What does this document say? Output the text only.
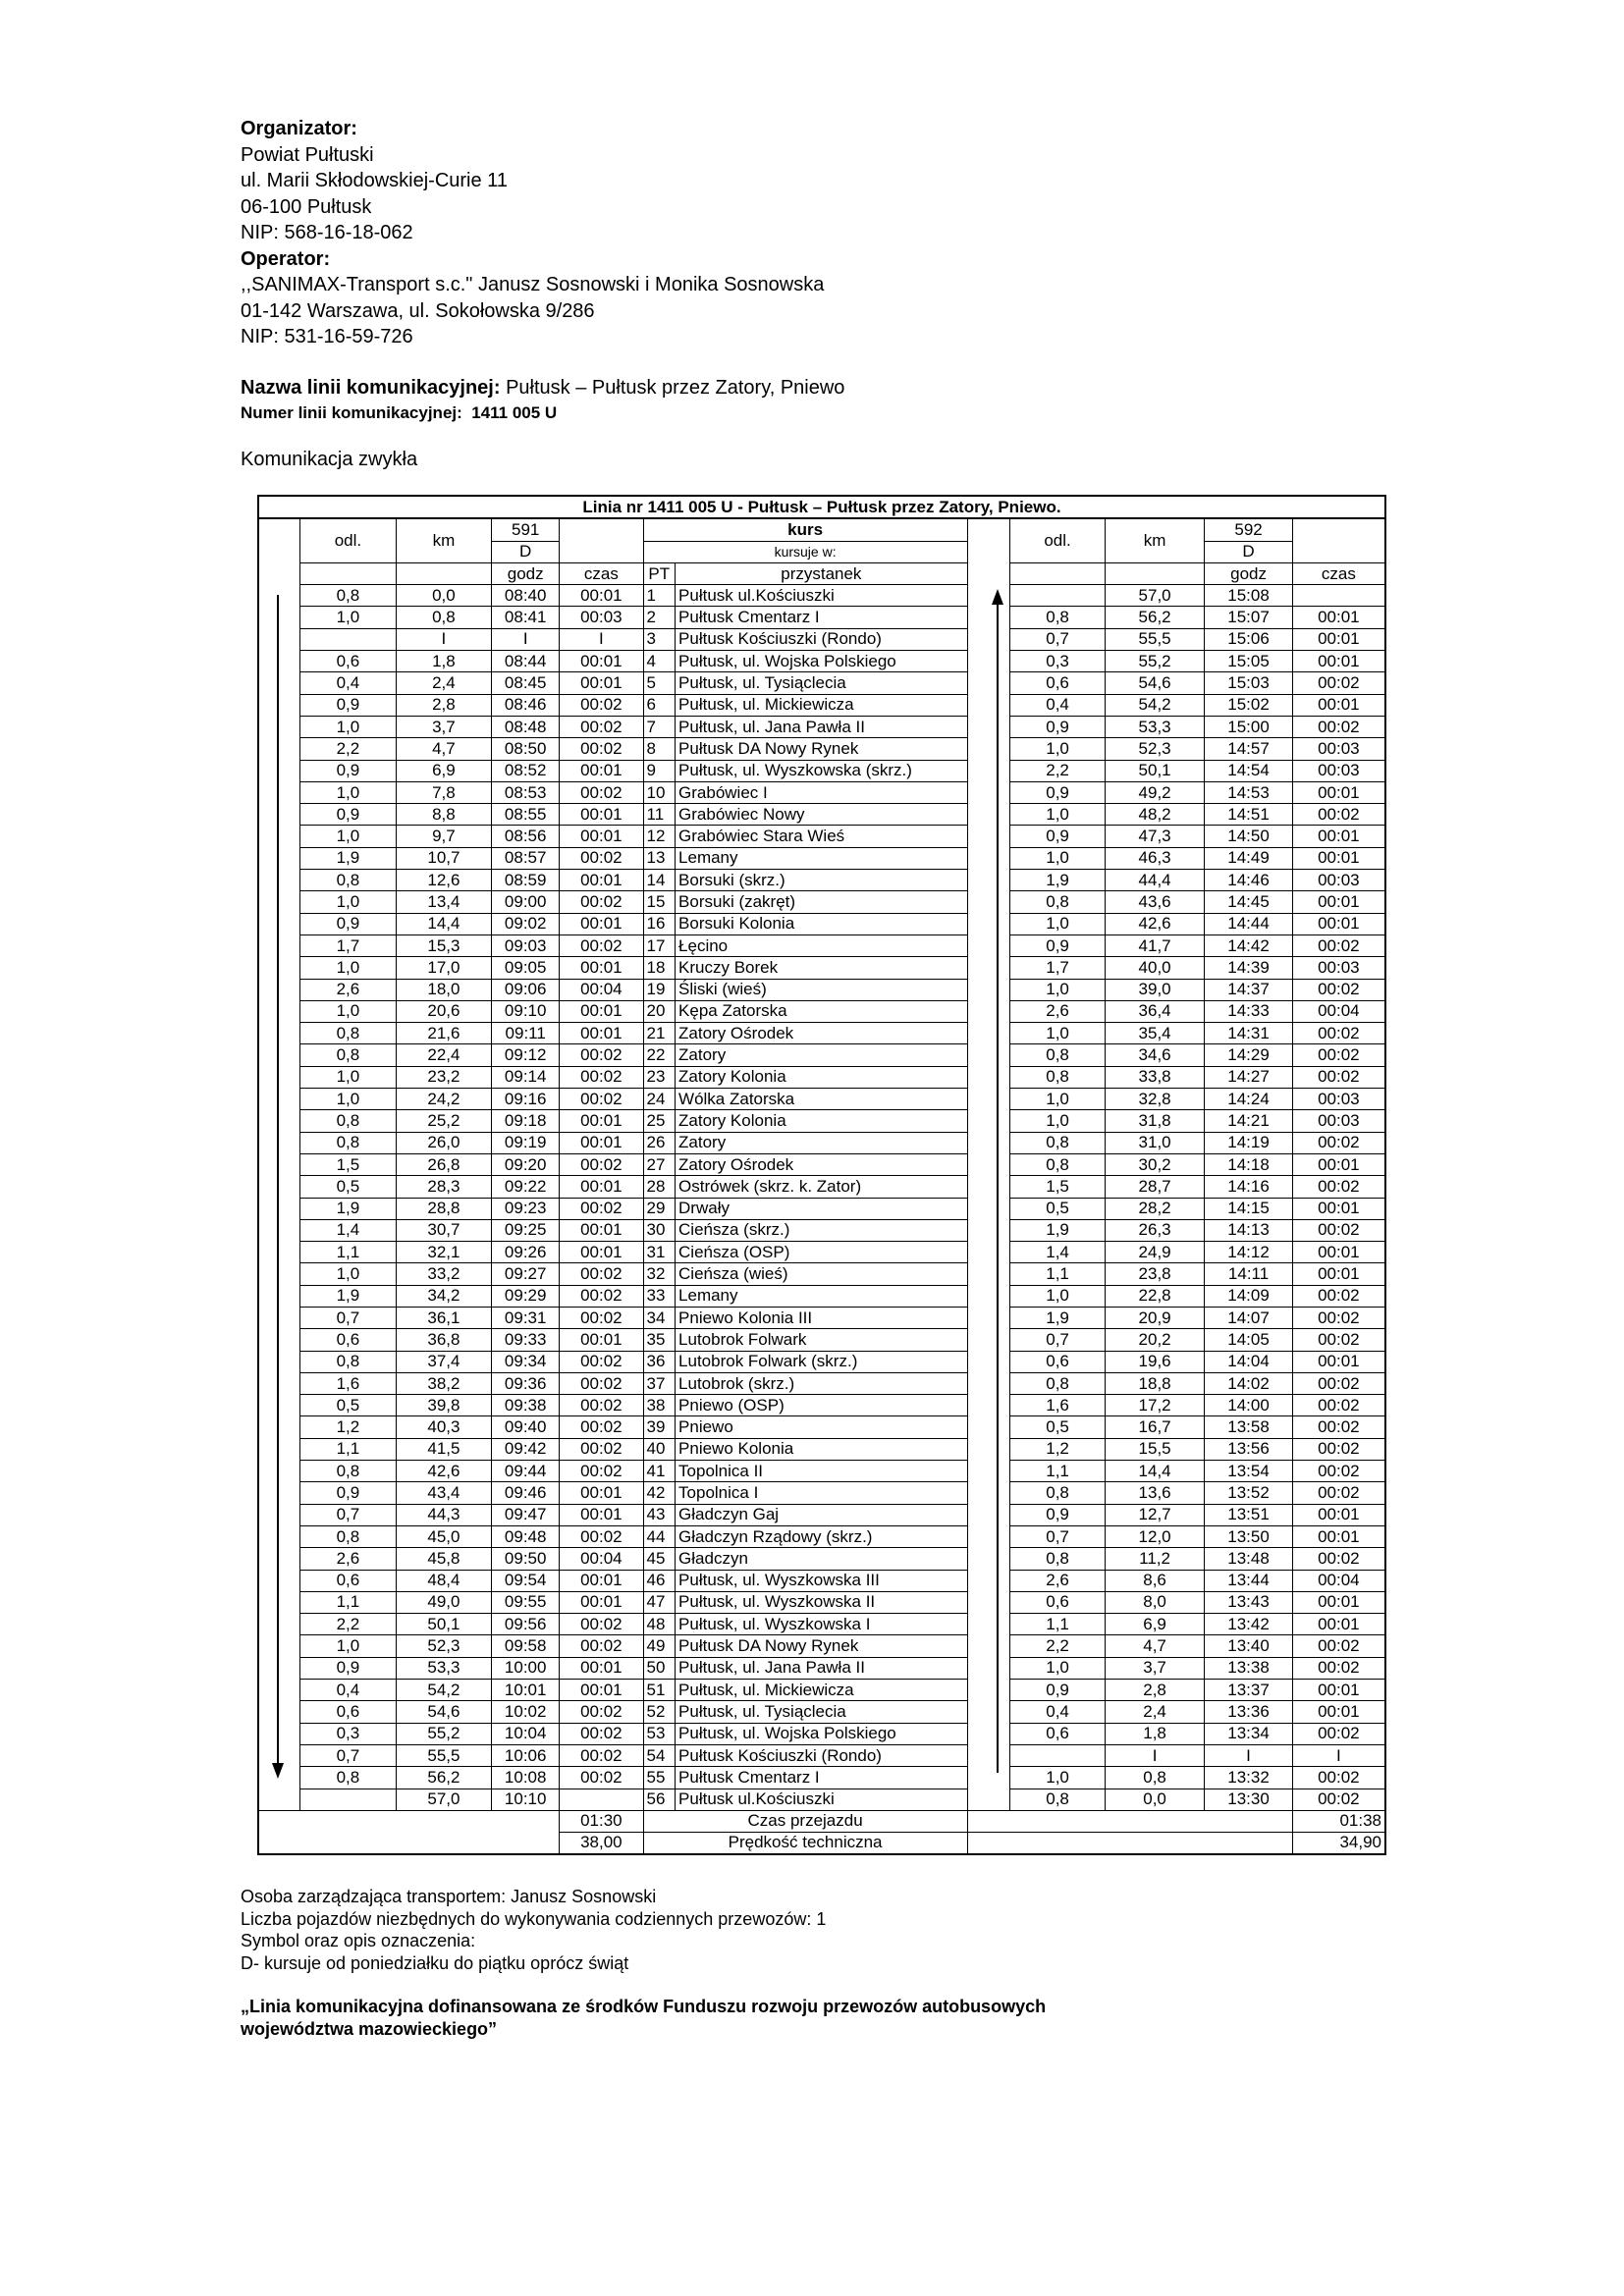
Organizator:
Powiat Pułtuski
ul. Marii Skłodowskiej-Curie 11
06-100 Pułtusk
NIP: 568-16-18-062
Operator:
,,SANIMAX-Transport s.c." Janusz Sosnowski i Monika Sosnowska
01-142 Warszawa, ul. Sokołowska 9/286
NIP: 531-16-59-726
Nazwa linii komunikacyjnej: Pułtusk – Pułtusk przez Zatory, Pniewo
Numer linii komunikacyjnej: 1411 005 U
Komunikacja zwykła
Linia nr 1411 005 U - Pułtusk – Pułtusk przez Zatory, Pniewo.											
	odl.	km	591		kurs			odl.	km	592	
			D		kursuje w:					D	
			godz	czas	PT	przystanek				godz	czas
	0,8	0,0	08:40	00:01	1	Pułtusk ul.Kościuszki			57,0	15:08	
	1,0	0,8	08:41	00:03	2	Pułtusk Cmentarz I		0,8	56,2	15:07	00:01
		I	I	I	3	Pułtusk Kościuszki (Rondo)		0,7	55,5	15:06	00:01
	0,6	1,8	08:44	00:01	4	Pułtusk, ul. Wojska Polskiego		0,3	55,2	15:05	00:01
	0,4	2,4	08:45	00:01	5	Pułtusk, ul. Tysiąclecia		0,6	54,6	15:03	00:02
	0,9	2,8	08:46	00:02	6	Pułtusk, ul. Mickiewicza		0,4	54,2	15:02	00:01
	1,0	3,7	08:48	00:02	7	Pułtusk, ul. Jana Pawła II		0,9	53,3	15:00	00:02
	2,2	4,7	08:50	00:02	8	Pułtusk DA Nowy Rynek		1,0	52,3	14:57	00:03
	0,9	6,9	08:52	00:01	9	Pułtusk, ul. Wyszkowska (skrz.)		2,2	50,1	14:54	00:03
	1,0	7,8	08:53	00:02	10	Grabówiec I		0,9	49,2	14:53	00:01
	0,9	8,8	08:55	00:01	11	Grabówiec Nowy		1,0	48,2	14:51	00:02
	1,0	9,7	08:56	00:01	12	Grabówiec Stara Wieś		0,9	47,3	14:50	00:01
	1,9	10,7	08:57	00:02	13	Lemany		1,0	46,3	14:49	00:01
	0,8	12,6	08:59	00:01	14	Borsuki (skrz.)		1,9	44,4	14:46	00:03
	1,0	13,4	09:00	00:02	15	Borsuki (zakręt)		0,8	43,6	14:45	00:01
	0,9	14,4	09:02	00:01	16	Borsuki Kolonia		1,0	42,6	14:44	00:01
	1,7	15,3	09:03	00:02	17	Łęcino		0,9	41,7	14:42	00:02
	1,0	17,0	09:05	00:01	18	Kruczy Borek		1,7	40,0	14:39	00:03
	2,6	18,0	09:06	00:04	19	Śliski (wieś)		1,0	39,0	14:37	00:02
	1,0	20,6	09:10	00:01	20	Kępa Zatorska		2,6	36,4	14:33	00:04
	0,8	21,6	09:11	00:01	21	Zatory Ośrodek		1,0	35,4	14:31	00:02
	0,8	22,4	09:12	00:02	22	Zatory		0,8	34,6	14:29	00:02
	1,0	23,2	09:14	00:02	23	Zatory Kolonia		0,8	33,8	14:27	00:02
	1,0	24,2	09:16	00:02	24	Wólka Zatorska		1,0	32,8	14:24	00:03
	0,8	25,2	09:18	00:01	25	Zatory Kolonia		1,0	31,8	14:21	00:03
	0,8	26,0	09:19	00:01	26	Zatory		0,8	31,0	14:19	00:02
	1,5	26,8	09:20	00:02	27	Zatory Ośrodek		0,8	30,2	14:18	00:01
	0,5	28,3	09:22	00:01	28	Ostrówek (skrz. k. Zator)		1,5	28,7	14:16	00:02
	1,9	28,8	09:23	00:02	29	Drwały		0,5	28,2	14:15	00:01
	1,4	30,7	09:25	00:01	30	Cieńsza (skrz.)		1,9	26,3	14:13	00:02
	1,1	32,1	09:26	00:01	31	Cieńsza (OSP)		1,4	24,9	14:12	00:01
	1,0	33,2	09:27	00:02	32	Cieńsza (wieś)		1,1	23,8	14:11	00:01
	1,9	34,2	09:29	00:02	33	Lemany		1,0	22,8	14:09	00:02
	0,7	36,1	09:31	00:02	34	Pniewo Kolonia III		1,9	20,9	14:07	00:02
	0,6	36,8	09:33	00:01	35	Lutobrok Folwark		0,7	20,2	14:05	00:02
	0,8	37,4	09:34	00:02	36	Lutobrok Folwark (skrz.)		0,6	19,6	14:04	00:01
	1,6	38,2	09:36	00:02	37	Lutobrok (skrz.)		0,8	18,8	14:02	00:02
	0,5	39,8	09:38	00:02	38	Pniewo (OSP)		1,6	17,2	14:00	00:02
	1,2	40,3	09:40	00:02	39	Pniewo		0,5	16,7	13:58	00:02
	1,1	41,5	09:42	00:02	40	Pniewo Kolonia		1,2	15,5	13:56	00:02
	0,8	42,6	09:44	00:02	41	Topolnica II		1,1	14,4	13:54	00:02
	0,9	43,4	09:46	00:01	42	Topolnica I		0,8	13,6	13:52	00:02
	0,7	44,3	09:47	00:01	43	Gładczyn Gaj		0,9	12,7	13:51	00:01
	0,8	45,0	09:48	00:02	44	Gładczyn Rządowy (skrz.)		0,7	12,0	13:50	00:01
	2,6	45,8	09:50	00:04	45	Gładczyn		0,8	11,2	13:48	00:02
	0,6	48,4	09:54	00:01	46	Pułtusk, ul. Wyszkowska III		2,6	8,6	13:44	00:04
	1,1	49,0	09:55	00:01	47	Pułtusk, ul. Wyszkowska II		0,6	8,0	13:43	00:01
	2,2	50,1	09:56	00:02	48	Pułtusk, ul. Wyszkowska I		1,1	6,9	13:42	00:01
	1,0	52,3	09:58	00:02	49	Pułtusk DA Nowy Rynek		2,2	4,7	13:40	00:02
	0,9	53,3	10:00	00:01	50	Pułtusk, ul. Jana Pawła II		1,0	3,7	13:38	00:02
	0,4	54,2	10:01	00:01	51	Pułtusk, ul. Mickiewicza		0,9	2,8	13:37	00:01
	0,6	54,6	10:02	00:02	52	Pułtusk, ul. Tysiąclecia		0,4	2,4	13:36	00:01
	0,3	55,2	10:04	00:02	53	Pułtusk, ul. Wojska Polskiego		0,6	1,8	13:34	00:02
	0,7	55,5	10:06	00:02	54	Pułtusk Kościuszki (Rondo)			I	I	I
	0,8	56,2	10:08	00:02	55	Pułtusk Cmentarz I		1,0	0,8	13:32	00:02
		57,0	10:10		56	Pułtusk ul.Kościuszki		0,8	0,0	13:30	00:02
				01:30	Czas przejazdu						01:38
				38,00	Prędkość techniczna						34,90
Osoba zarządzająca transportem: Janusz Sosnowski
Liczba pojazdów niezbędnych do wykonywania codziennych przewozów: 1
Symbol oraz opis oznaczenia:
D- kursuje od poniedziałku do piątku oprócz świąt
„Linia komunikacyjna dofinansowana ze środków Funduszu rozwoju przewozów autobusowych
województwa mazowieckiego”
